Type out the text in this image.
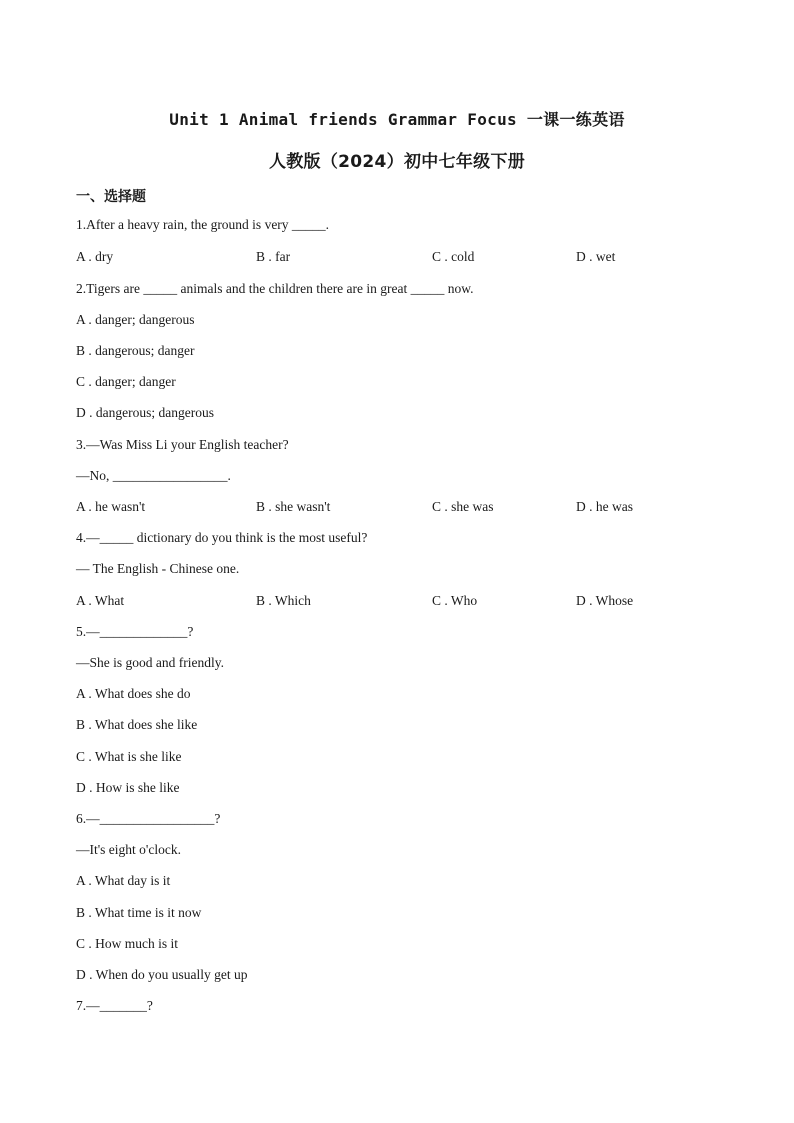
Unit 1 Animal friends Grammar Focus 一课一练英语
人教版（2024）初中七年级下册
一、选择题
1.After a heavy rain, the ground is very _____.
A . dry	B . far	C . cold	D . wet
2.Tigers are _____ animals and the children there are in great _____ now.
A . danger; dangerous
B . dangerous; danger
C . danger; danger
D . dangerous; dangerous
3.—Was Miss Li your English teacher?
—No, _________________.
A . he wasn't	B . she wasn't	C . she was	D . he was
4.—_____ dictionary do you think is the most useful?
— The English - Chinese one.
A . What	B . Which	C . Who	D . Whose
5.—_____________?
—She is good and friendly.
A . What does she do
B . What does she like
C . What is she like
D . How is she like
6.—_________________?
—It's eight o'clock.
A . What day is it
B . What time is it now
C . How much is it
D . When do you usually get up
7.—_______?
